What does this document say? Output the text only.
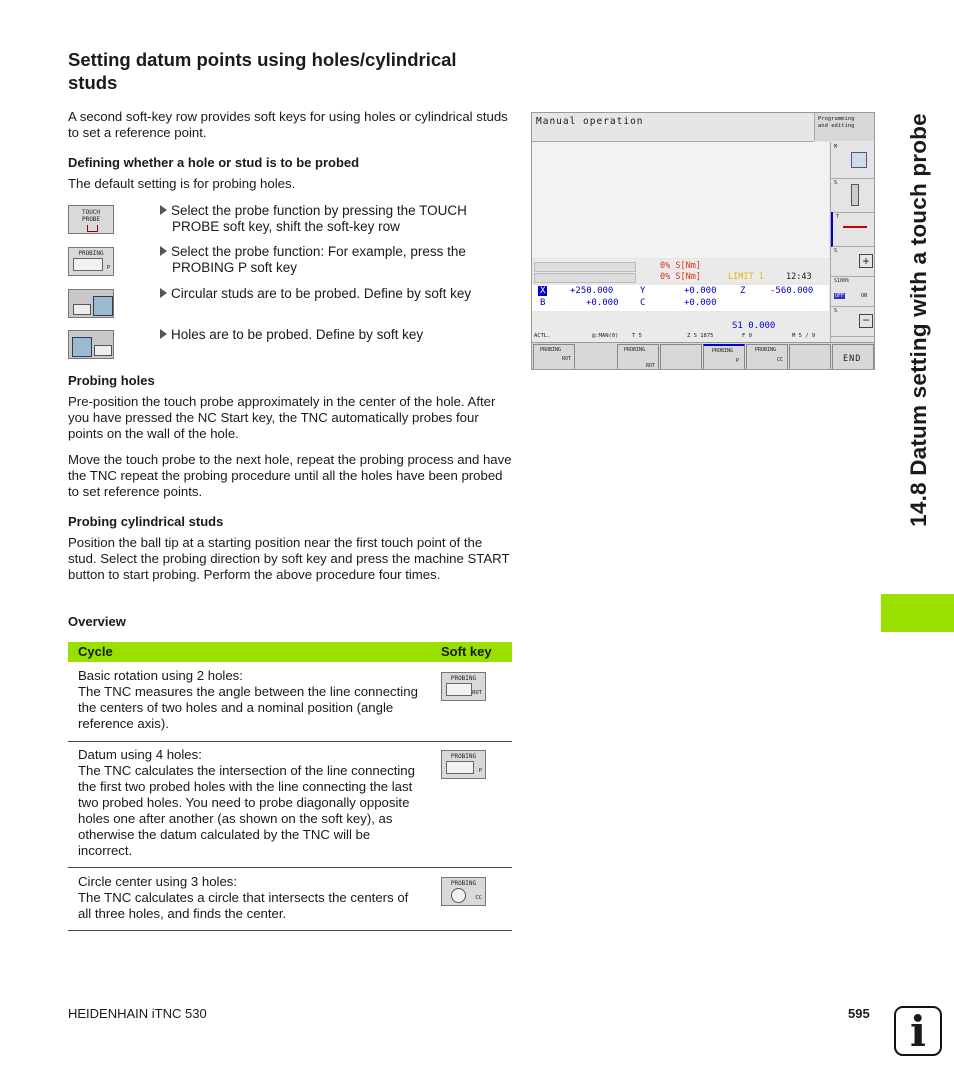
Setting datum points using holes/cylindrical studs

A second soft-key row provides soft keys for using holes or cylindrical studs to set a reference point.

Defining whether a hole or stud is to be probed

The default setting is for probing holes.

TOUCH
PROBE
PROBING
P
Select the probe function by pressing the TOUCH
PROBE soft key, shift the soft-key row
Select the probe function: For example, press the
PROBING P soft key
Circular studs are to be probed. Define by soft key
Holes are to be probed. Define by soft key
Probing holes

Pre-position the touch probe approximately in the center of the hole. After you have pressed the NC Start key, the TNC automatically probes four points on the wall of the hole.

Move the touch probe to the next hole, repeat the probing process and have the TNC repeat the probing procedure until all the holes have been probed to set reference points.

Probing cylindrical studs

Position the ball tip at a starting position near the first touch point of the stud. Select the probing direction by soft key and press the machine START button to start probing. Perform the above procedure four times.

Overview
Cycle	Soft key

Basic rotation using 2 holes:
The TNC measures the angle between the line connecting the centers of two holes and a nominal position (angle reference axis).

PROBING
ROT

Datum using 4 holes:
The TNC calculates the intersection of the line connecting the first two probed holes with the line connecting the last two probed holes. You need to probe diagonally opposite holes one after another (as shown on the soft key), as otherwise the datum calculated by the TNC will be incorrect.

PROBING
P

Circle center using 3 holes:
The TNC calculates a circle that intersects the centers of all three holes, and finds the center.

PROBING
CC
Manual operation	Programming
and editing
M
S
T
S
+
S100%
OFF	ON
S
−
0% S[Nm]
0% S[Nm]	LIMIT 1	12:43
X	+250.000	Y	+0.000	Z	-560.000
B	+0.000 C	+0.000
S1 0.000
ACTL.	@:MAN(0) T 5	Z S 1875	F 0	M 5 / 9
PROBING
ROT
PROBING
ROT
PROBING
P
PROBING
CC	END 14.8 Datum setting with a touch probe
HEIDENHAIN iTNC 530	595 i
